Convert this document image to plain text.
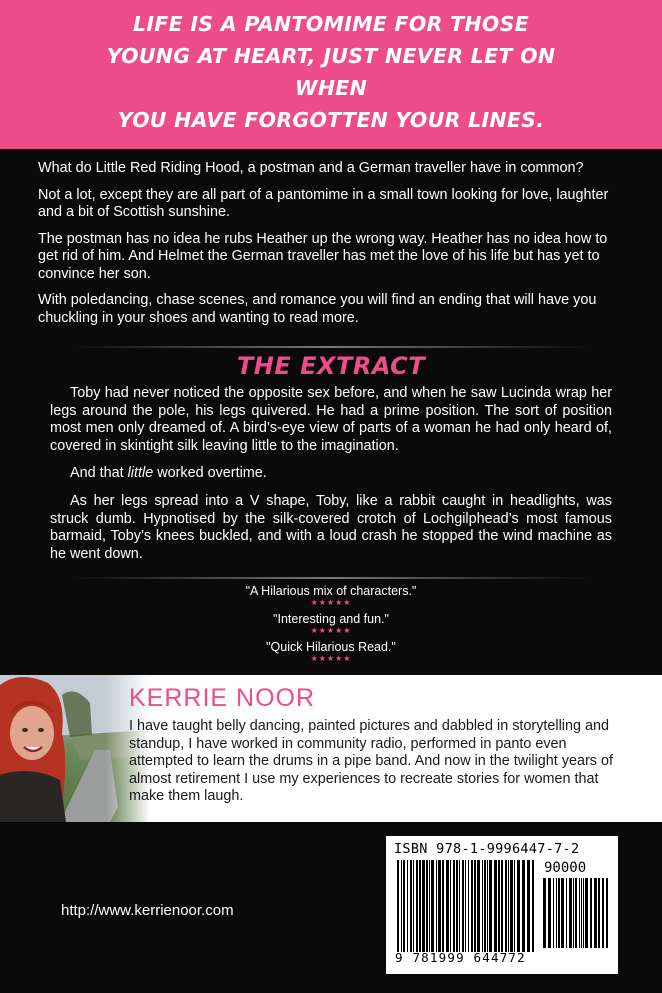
LIFE IS A PANTOMIME FOR THOSE
YOUNG AT HEART, JUST NEVER LET ON WHEN
YOU HAVE FORGOTTEN YOUR LINES.

What do Little Red Riding Hood, a postman and a German traveller have in common?

Not a lot, except they are all part of a pantomime in a small town looking for love, laughter and a bit of Scottish sunshine.

The postman has no idea he rubs Heather up the wrong way. Heather has no idea how to get rid of him. And Helmet the German traveller has met the love of his life but has yet to convince her son.

With poledancing, chase scenes, and romance you will find an ending that will have you chuckling in your shoes and wanting to read more.

THE EXTRACT

Toby had never noticed the opposite sex before, and when he saw Lucinda wrap her legs around the pole, his legs quivered. He had a prime position. The sort of position most men only dreamed of. A bird’s-eye view of parts of a woman he had only heard of, covered in skintight silk leaving little to the imagination.

And that little worked overtime.

As her legs spread into a V shape, Toby, like a rabbit caught in headlights, was struck dumb. Hypnotised by the silk-covered crotch of Lochgilphead’s most famous barmaid, Toby’s knees buckled, and with a loud crash he stopped the wind machine as he went down.

"A Hilarious mix of characters."
★★★★★
"Interesting and fun."
★★★★★
"Quick Hilarious Read."
★★★★★
KERRIE NOOR
I have taught belly dancing, painted pictures and dabbled in storytelling and standup, I have worked in community radio, performed in panto even attempted to learn the drums in a pipe band. And now in the twilight years of almost retirement I use my experiences to recreate stories for women that make them laugh.
http://www.kerrienoor.com
ISBN 978-1-9996447-7-2
90000
9 781999 644772
